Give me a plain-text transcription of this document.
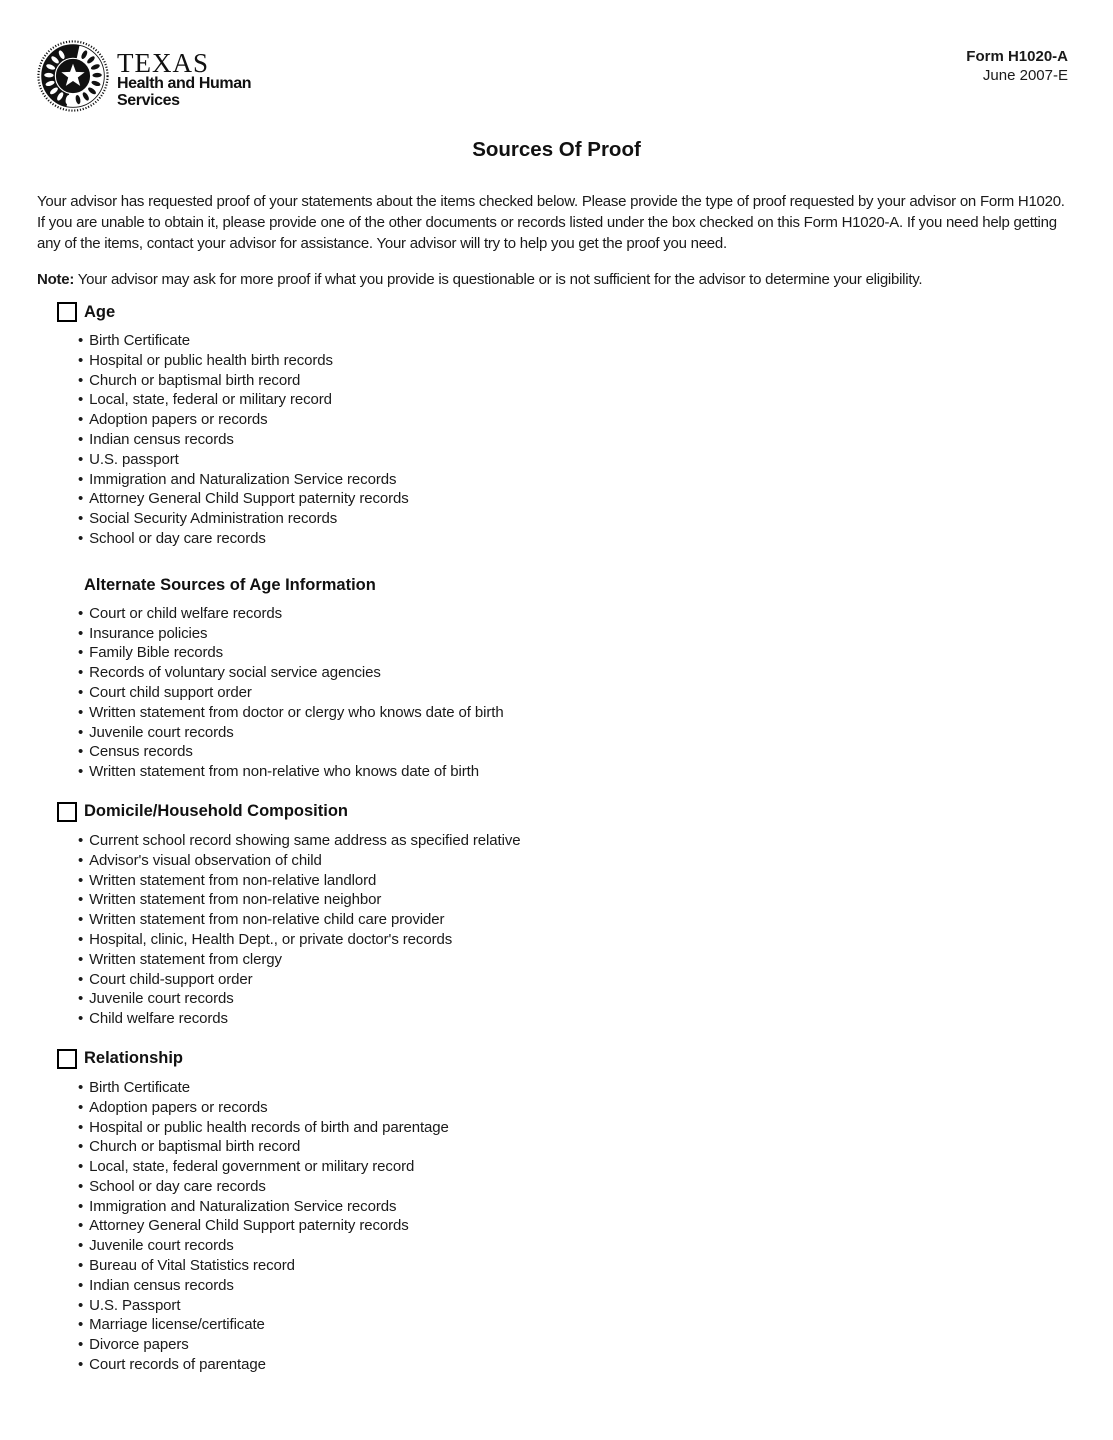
TEXAS
Health and Human
Services
Form H1020-A
June 2007-E
Sources Of Proof

Your advisor has requested proof of your statements about the items checked below. Please provide the type of proof requested by your advisor on Form H1020. If you are unable to obtain it, please provide one of the other documents or records listed under the box checked on this Form H1020-A. If you need help getting any of the items, contact your advisor for assistance. Your advisor will try to help you get the proof you need.

Note: Your advisor may ask for more proof if what you provide is questionable or is not sufficient for the advisor to determine your eligibility.

Age
• Birth Certificate
• Hospital or public health birth records
• Church or baptismal birth record
• Local, state, federal or military record
• Adoption papers or records
• Indian census records
• U.S. passport
• Immigration and Naturalization Service records
• Attorney General Child Support paternity records
• Social Security Administration records
• School or day care records
Alternate Sources of Age Information
• Court or child welfare records
• Insurance policies
• Family Bible records
• Records of voluntary social service agencies
• Court child support order
• Written statement from doctor or clergy who knows date of birth
• Juvenile court records
• Census records
• Written statement from non-relative who knows date of birth
Domicile/Household Composition
• Current school record showing same address as specified relative
• Advisor's visual observation of child
• Written statement from non-relative landlord
• Written statement from non-relative neighbor
• Written statement from non-relative child care provider
• Hospital, clinic, Health Dept., or private doctor's records
• Written statement from clergy
• Court child-support order
• Juvenile court records
• Child welfare records
Relationship
• Birth Certificate
• Adoption papers or records
• Hospital or public health records of birth and parentage
• Church or baptismal birth record
• Local, state, federal government or military record
• School or day care records
• Immigration and Naturalization Service records
• Attorney General Child Support paternity records
• Juvenile court records
• Bureau of Vital Statistics record
• Indian census records
• U.S. Passport
• Marriage license/certificate
• Divorce papers
• Court records of parentage
